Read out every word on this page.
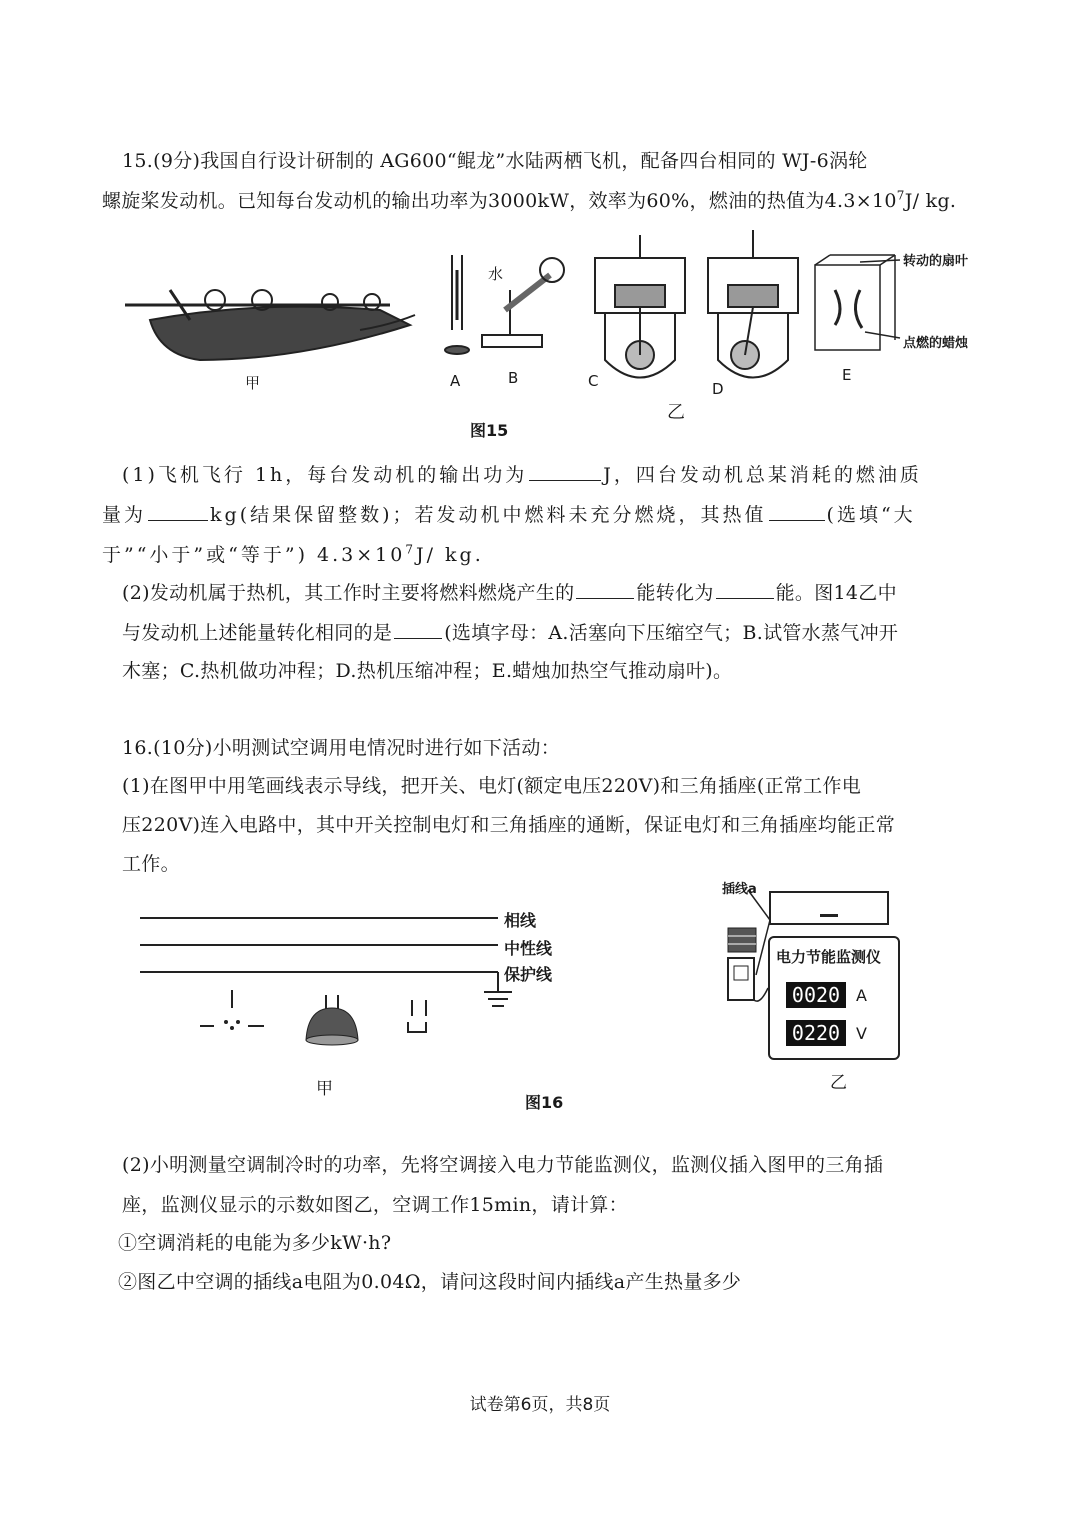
15.(9分)我国自行设计研制的 AG600“鲲龙”水陆两栖飞机，配备四台相同的 WJ-6涡轮
螺旋桨发动机。已知每台发动机的输出功率为3000kW，效率为60%，燃油的热值为$4.3\times 10^7J/$ kg.
甲	A	B
水
C	D
乙
E
转动的扇叶
点燃的蜡烛
图15
(1)飞机飞行 1h，每台发动机的输出功为	J，四台发动机总某消耗的燃油质
量为	kg(结果保留整数)；若发动机中燃料未充分燃烧，其热值	(选填“大
于”“小于”或“等于”) $4.3\times 10^7J/$ kg.
(2)发动机属于热机，其工作时主要将燃料燃烧产生的	能转化为	能。图14乙中
与发动机上述能量转化相同的是	(选填字母：A.活塞向下压缩空气；B.试管水蒸气冲开
木塞；C.热机做功冲程；D.热机压缩冲程；E.蜡烛加热空气推动扇叶)。
16.(10分)小明测试空调用电情况时进行如下活动：
(1)在图甲中用笔画线表示导线，把开关、电灯(额定电压220V)和三角插座(正常工作电
压220V)连入电路中，其中开关控制电灯和三角插座的通断，保证电灯和三角插座均能正常
工作。
相线
中性线
保护线
甲
插线a
电力节能监测仪
0020 A
0220 V
乙
图16
(2)小明测量空调制冷时的功率，先将空调接入电力节能监测仪，监测仪插入图甲的三角插
座，监测仪显示的示数如图乙，空调工作15min，请计算：
①空调消耗的电能为多少kW·h?
②图乙中空调的插线a电阻为0.04Ω，请问这段时间内插线a产生热量多少
试卷第6页，共8页
